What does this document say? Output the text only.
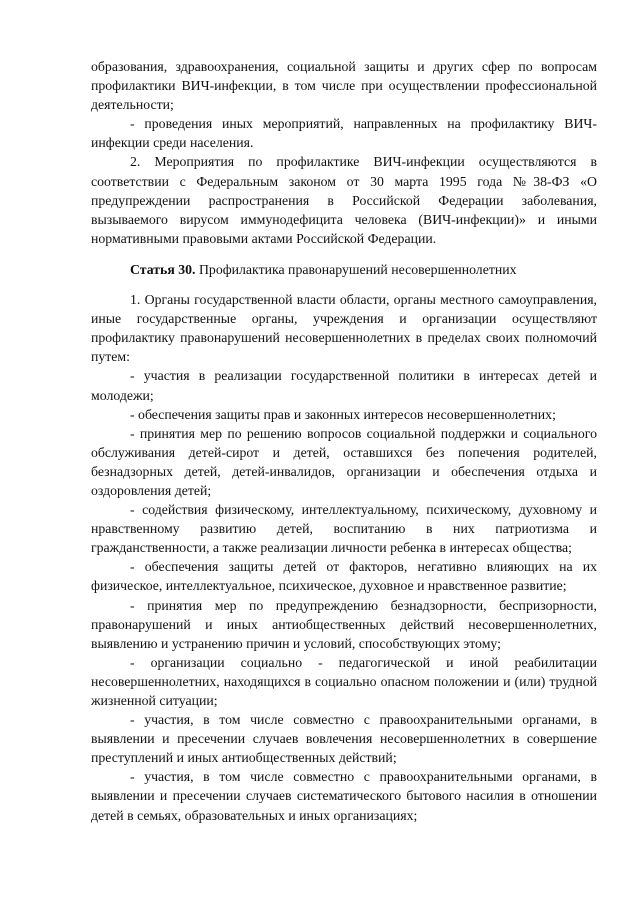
образования, здравоохранения, социальной защиты и других сфер по вопросам профилактики ВИЧ-инфекции, в том числе при осуществлении профессиональной деятельности;

- проведения иных мероприятий, направленных на профилактику ВИЧ-инфекции среди населения.

2. Мероприятия по профилактике ВИЧ-инфекции осуществляются в соответствии с Федеральным законом от 30 марта 1995 года №38-ФЗ «О предупреждении распространения в Российской Федерации заболевания, вызываемого вирусом иммунодефицита человека (ВИЧ-инфекции)» и иными нормативными правовыми актами Российской Федерации.

Статья 30. Профилактика правонарушений несовершеннолетних

1. Органы государственной власти области, органы местного самоуправления, иные государственные органы, учреждения и организации осуществляют профилактику правонарушений несовершеннолетних в пределах своих полномочий путем:

- участия в реализации государственной политики в интересах детей и молодежи;

- обеспечения защиты прав и законных интересов несовершеннолетних;

- принятия мер по решению вопросов социальной поддержки и социального обслуживания детей-сирот и детей, оставшихся без попечения родителей, безнадзорных детей, детей-инвалидов, организации и обеспечения отдыха и оздоровления детей;

- содействия физическому, интеллектуальному, психическому, духовному и нравственному развитию детей, воспитанию в них патриотизма и гражданственности, а также реализации личности ребенка в интересах общества;

- обеспечения защиты детей от факторов, негативно влияющих на их физическое, интеллектуальное, психическое, духовное и нравственное развитие;

- принятия мер по предупреждению безнадзорности, беспризорности, правонарушений и иных антиобщественных действий несовершеннолетних, выявлению и устранению причин и условий, способствующих этому;

- организации социально - педагогической и иной реабилитации несовершеннолетних, находящихся в социально опасном положении и (или) трудной жизненной ситуации;

- участия, в том числе совместно с правоохранительными органами, в выявлении и пресечении случаев вовлечения несовершеннолетних в совершение преступлений и иных антиобщественных действий;

- участия, в том числе совместно с правоохранительными органами, в выявлении и пресечении случаев систематического бытового насилия в отношении детей в семьях, образовательных и иных организациях;
